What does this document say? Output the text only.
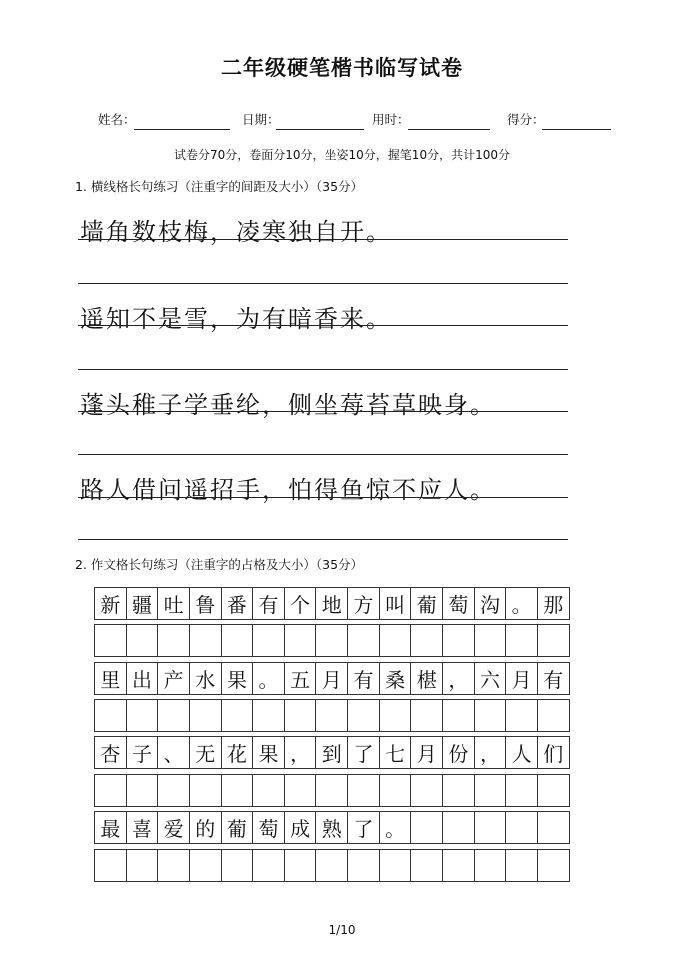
二年级硬笔楷书临写试卷
姓名：	日期：	用时：	得分：
试卷分70分，卷面分10分，坐姿10分，握笔10分，共计100分
1. 横线格长句练习（注重字的间距及大小）（35分）
墙角数枝梅，凌寒独自开。
遥知不是雪，为有暗香来。
蓬头稚子学垂纶，侧坐莓苔草映身。
路人借问遥招手，怕得鱼惊不应人。
2. 作文格长句练习（注重字的占格及大小）（35分）
新 疆 吐 鲁 番 有 个 地 方 叫 葡 萄 沟 。 那
里 出 产 水 果 。 五 月 有 桑 椹 ， 六 月 有
杏 子 、 无 花 果 ， 到 了 七 月 份 ， 人 们
最 喜 爱 的 葡 萄 成 熟 了 。
1/10
